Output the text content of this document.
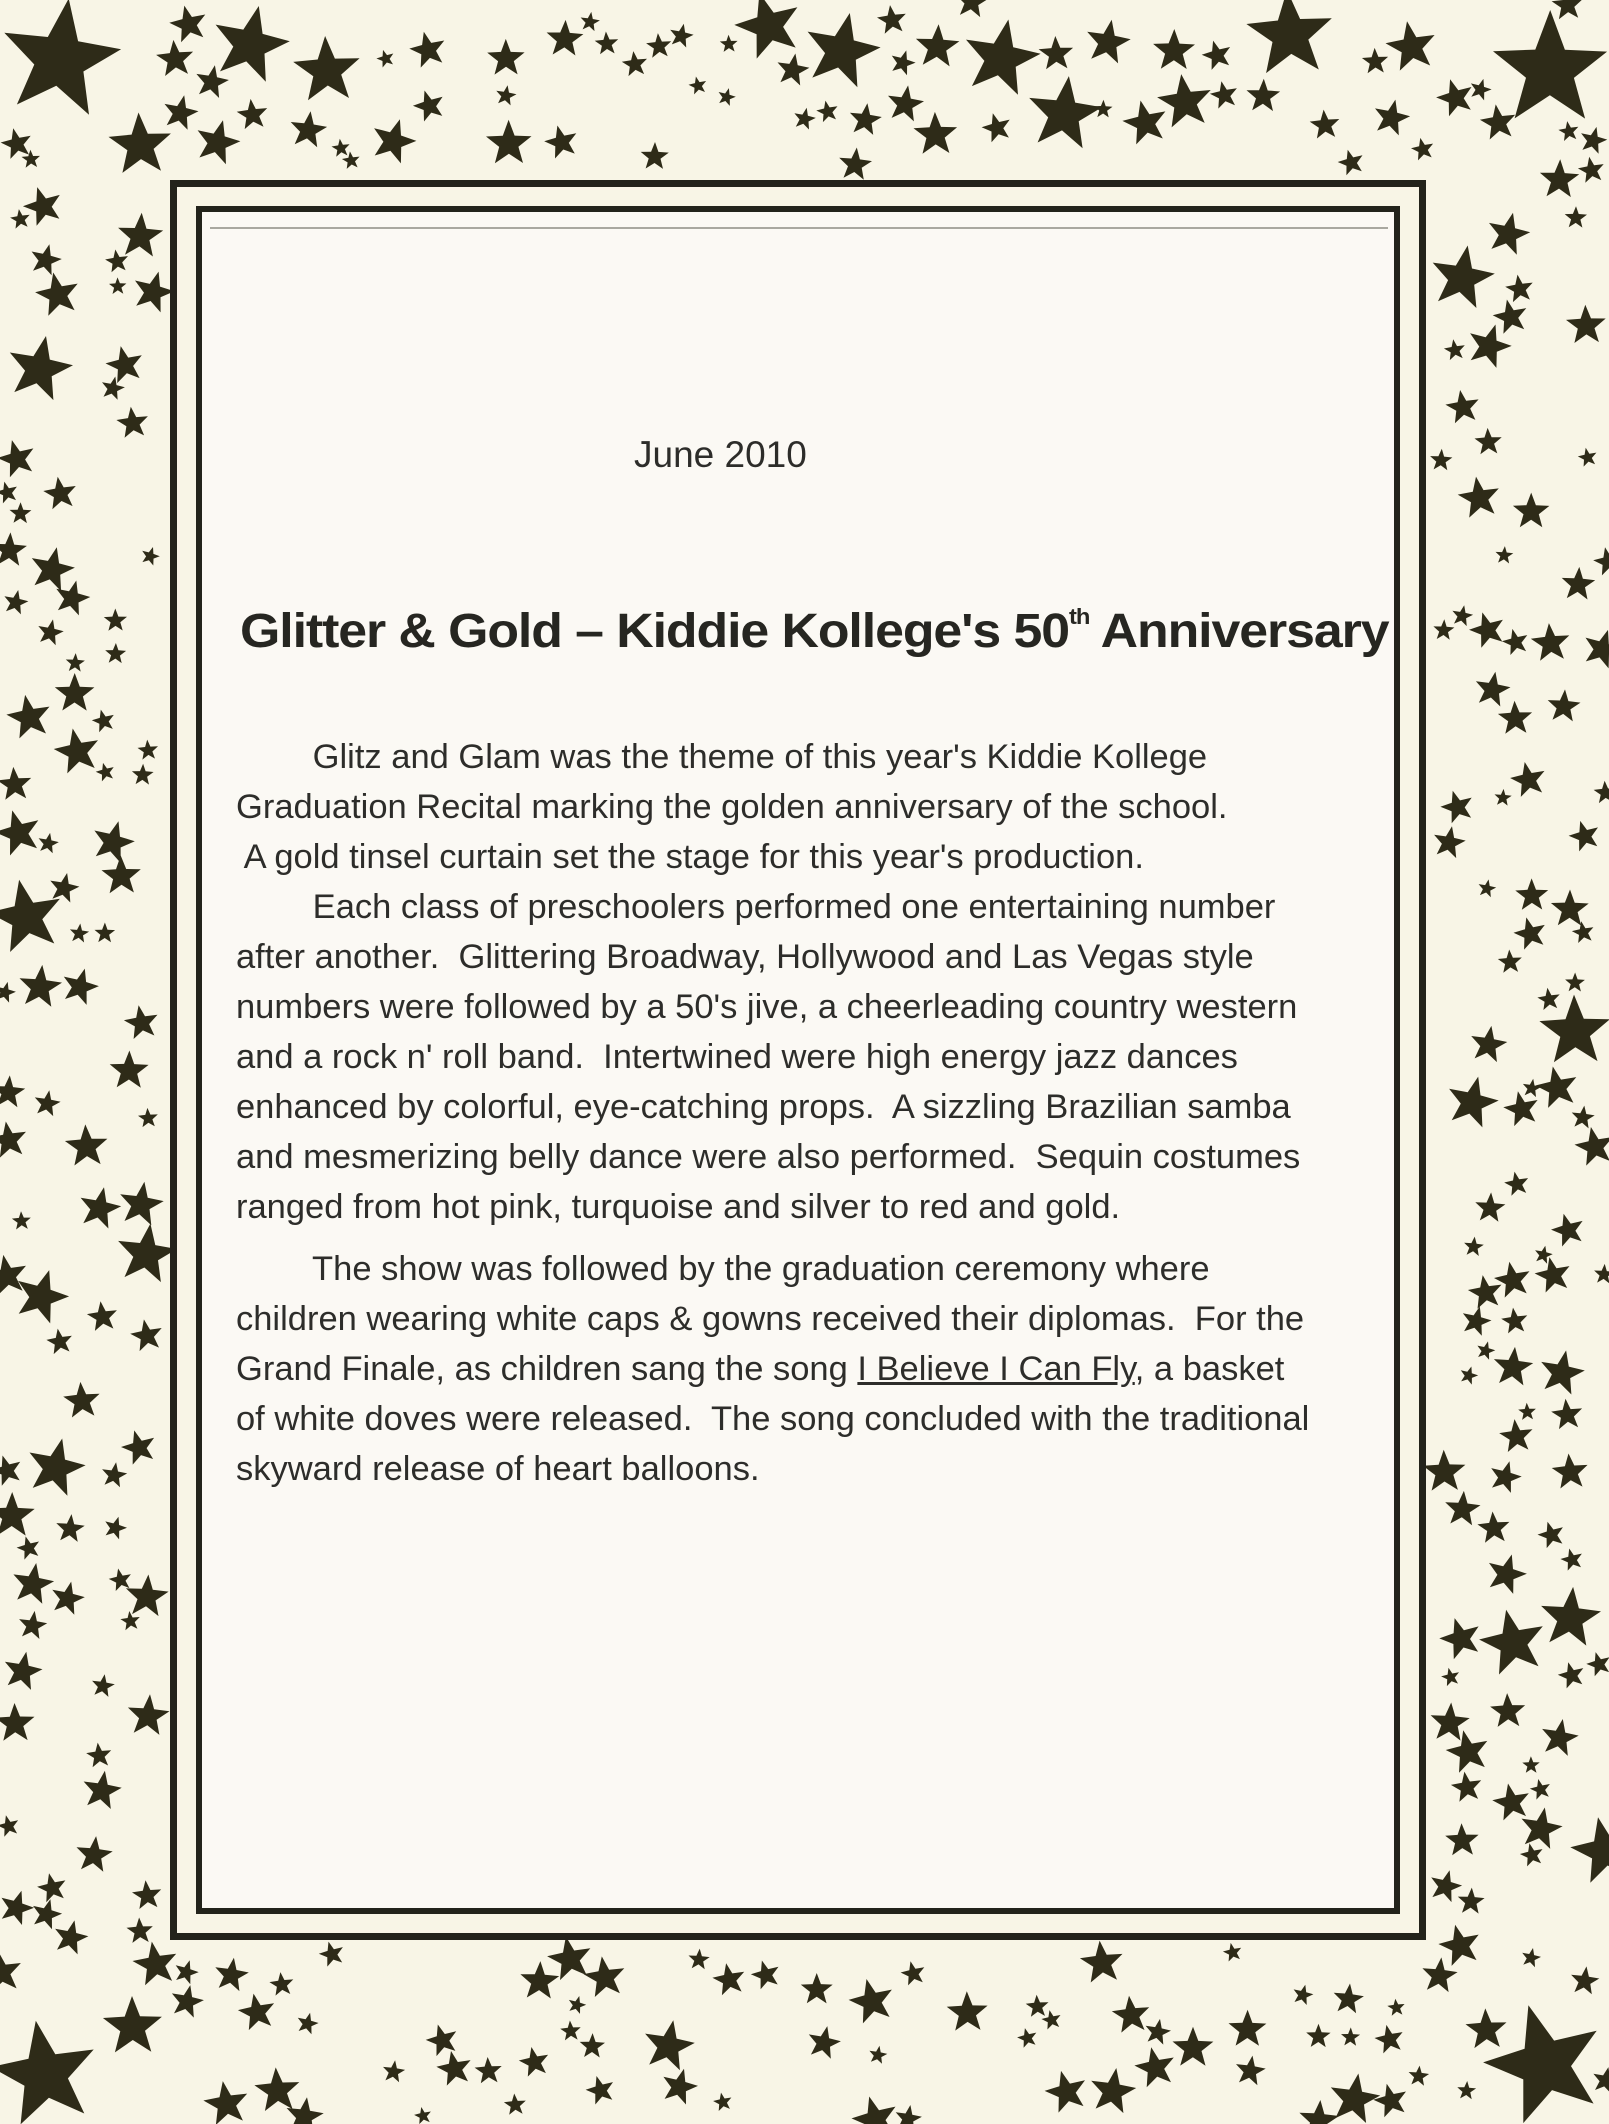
June 2010
Glitter & Gold – Kiddie Kollege's 50th Anniversary
Glitz and Glam was the theme of this year's Kiddie Kollege
Graduation Recital marking the golden anniversary of the school.
A gold tinsel curtain set the stage for this year's production.
Each class of preschoolers performed one entertaining number
after another.  Glittering Broadway, Hollywood and Las Vegas style
numbers were followed by a 50's jive, a cheerleading country western
and a rock n' roll band.  Intertwined were high energy jazz dances
enhanced by colorful, eye-catching props.  A sizzling Brazilian samba
and mesmerizing belly dance were also performed.  Sequin costumes
ranged from hot pink, turquoise and silver to red and gold.
The show was followed by the graduation ceremony where
children wearing white caps & gowns received their diplomas.  For the
Grand Finale, as children sang the song I Believe I Can Fly, a basket
of white doves were released.  The song concluded with the traditional
skyward release of heart balloons.
